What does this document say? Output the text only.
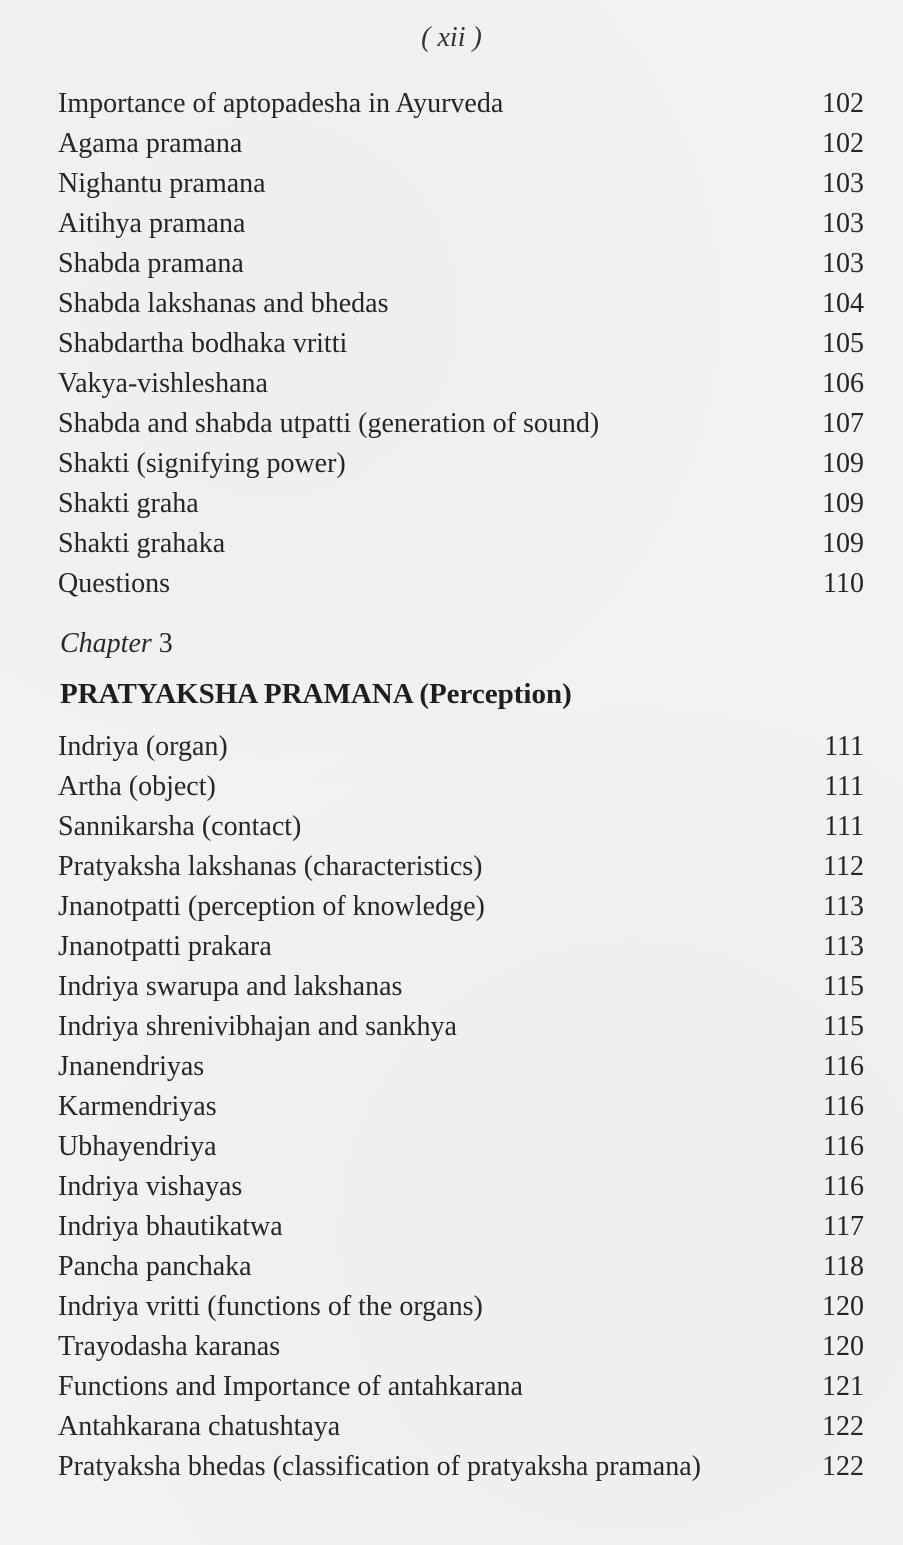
( xii )
Importance of aptopadesha in Ayurveda	102
Agama pramana	102
Nighantu pramana	103
Aitihya pramana	103
Shabda pramana	103
Shabda lakshanas and bhedas	104
Shabdartha bodhaka vritti	105
Vakya-vishleshana	106
Shabda and shabda utpatti (generation of sound)	107
Shakti (signifying power)	109
Shakti graha	109
Shakti grahaka	109
Questions	110
Chapter 3
PRATYAKSHA PRAMANA (Perception)
Indriya (organ)	111
Artha (object)	111
Sannikarsha (contact)	111
Pratyaksha lakshanas (characteristics)	112
Jnanotpatti (perception of knowledge)	113
Jnanotpatti prakara	113
Indriya swarupa and lakshanas	115
Indriya shrenivibhajan and sankhya	115
Jnanendriyas	116
Karmendriyas	116
Ubhayendriya	116
Indriya vishayas	116
Indriya bhautikatwa	117
Pancha panchaka	118
Indriya vritti (functions of the organs)	120
Trayodasha karanas	120
Functions and Importance of antahkarana	121
Antahkarana chatushtaya	122
Pratyaksha bhedas (classification of pratyaksha pramana)	122
